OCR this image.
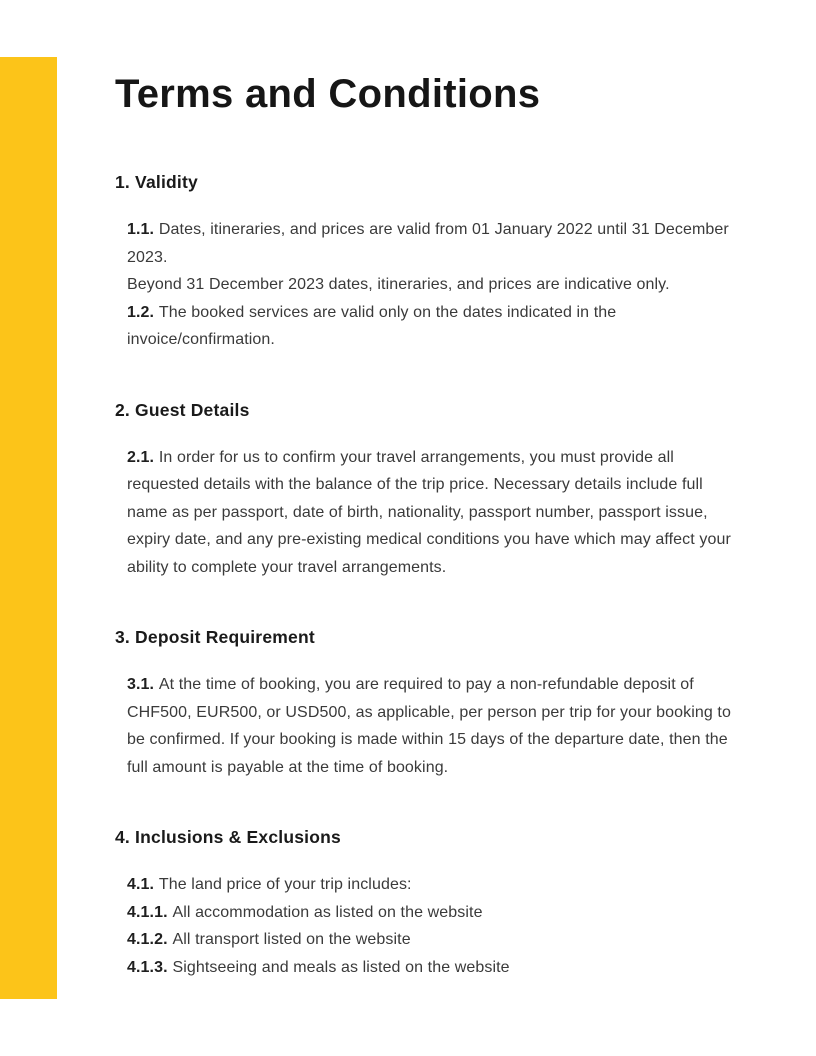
Terms and Conditions
1. Validity

1.1. Dates, itineraries, and prices are valid from 01 January 2022 until 31 December 2023.

Beyond 31 December 2023 dates, itineraries, and prices are indicative only.

1.2. The booked services are valid only on the dates indicated in the invoice/confirmation.

2. Guest Details

2.1. In order for us to confirm your travel arrangements, you must provide all requested details with the balance of the trip price. Necessary details include full name as per passport, date of birth, nationality, passport number, passport issue, expiry date, and any pre-existing medical conditions you have which may affect your ability to complete your travel arrangements.

3. Deposit Requirement

3.1. At the time of booking, you are required to pay a non-refundable deposit of CHF500, EUR500, or USD500, as applicable, per person per trip for your booking to be confirmed. If your booking is made within 15 days of the departure date, then the full amount is payable at the time of booking.

4. Inclusions & Exclusions

4.1. The land price of your trip includes:

4.1.1. All accommodation as listed on the website

4.1.2. All transport listed on the website

4.1.3. Sightseeing and meals as listed on the website
